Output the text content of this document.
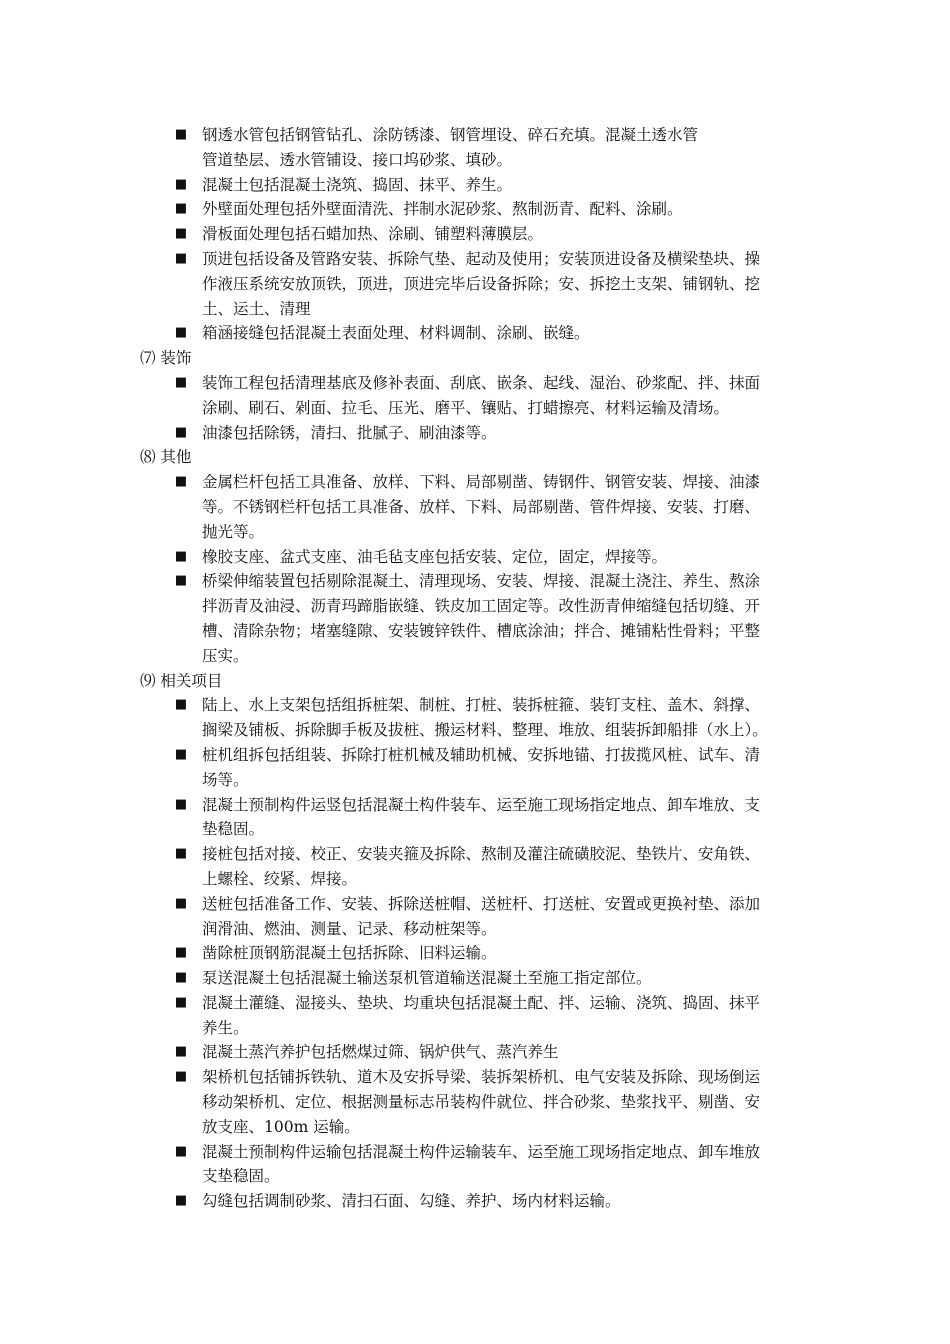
■ 钢透水管包括钢管钻孔、涂防锈漆、钢管埋设、碎石充填。混凝土透水管
管道垫层、透水管铺设、接口坞砂浆、填砂。
■ 混凝土包括混凝土浇筑、捣固、抹平、养生。
■ 外壁面处理包括外壁面清洗、拌制水泥砂浆、熬制沥青、配料、涂刷。
■ 滑板面处理包括石蜡加热、涂刷、铺塑料薄膜层。
■ 顶进包括设备及管路安装、拆除气垫、起动及使用；安装顶进设备及横梁垫块、操
作液压系统安放顶铁，顶进，顶进完毕后设备拆除；安、拆挖土支架、铺钢轨、挖
土、运土、清理
■ 箱涵接缝包括混凝土表面处理、材料调制、涂刷、嵌缝。
⑺ 装饰
■ 装饰工程包括清理基底及修补表面、刮底、嵌条、起线、湿治、砂浆配、拌、抹面
涂刷、刷石、剁面、拉毛、压光、磨平、镶贴、打蜡擦亮、材料运输及清场。
■ 油漆包括除锈，清扫、批腻子、刷油漆等。
⑻ 其他
■ 金属栏杆包括工具准备、放样、下料、局部剔凿、铸钢件、钢管安装、焊接、油漆
等。不锈钢栏杆包括工具准备、放样、下料、局部剔凿、管件焊接、安装、打磨、
抛光等。
■ 橡胶支座、盆式支座、油毛毡支座包括安装、定位，固定，焊接等。
■ 桥梁伸缩装置包括剔除混凝土、清理现场、安装、焊接、混凝土浇注、养生、熬涂
拌沥青及油浸、沥青玛蹄脂嵌缝、铁皮加工固定等。改性沥青伸缩缝包括切缝、开
槽、清除杂物；堵塞缝隙、安装镀锌铁件、槽底涂油；拌合、摊铺粘性骨料；平整
压实。
⑼ 相关项目
■ 陆上、水上支架包括组拆桩架、制桩、打桩、装拆桩箍、装钉支柱、盖木、斜撑、
搁梁及铺板、拆除脚手板及拔桩、搬运材料、整理、堆放、组装拆卸船排（水上）。
■ 桩机组拆包括组装、拆除打桩机械及辅助机械、安拆地锚、打拔揽风桩、试车、清
场等。
■ 混凝土预制构件运竖包括混凝土构件装车、运至施工现场指定地点、卸车堆放、支
垫稳固。
■ 接桩包括对接、校正、安装夹箍及拆除、熬制及灌注硫磺胶泥、垫铁片、安角铁、
上螺栓、绞紧、焊接。
■ 送桩包括准备工作、安装、拆除送桩帽、送桩杆、打送桩、安置或更换衬垫、添加
润滑油、燃油、测量、记录、移动桩架等。
■ 凿除桩顶钢筋混凝土包括拆除、旧料运输。
■ 泵送混凝土包括混凝土输送泵机管道输送混凝土至施工指定部位。
■ 混凝土灌缝、湿接头、垫块、均重块包括混凝土配、拌、运输、浇筑、捣固、抹平
养生。
■ 混凝土蒸汽养护包括燃煤过筛、锅炉供气、蒸汽养生
■ 架桥机包括铺拆铁轨、道木及安拆导梁、装拆架桥机、电气安装及拆除、现场倒运
移动架桥机、定位、根据测量标志吊装构件就位、拌合砂浆、垫浆找平、剔凿、安
放支座、100m 运输。
■ 混凝土预制构件运输包括混凝土构件运输装车、运至施工现场指定地点、卸车堆放
支垫稳固。
■ 勾缝包括调制砂浆、清扫石面、勾缝、养护、场内材料运输。
